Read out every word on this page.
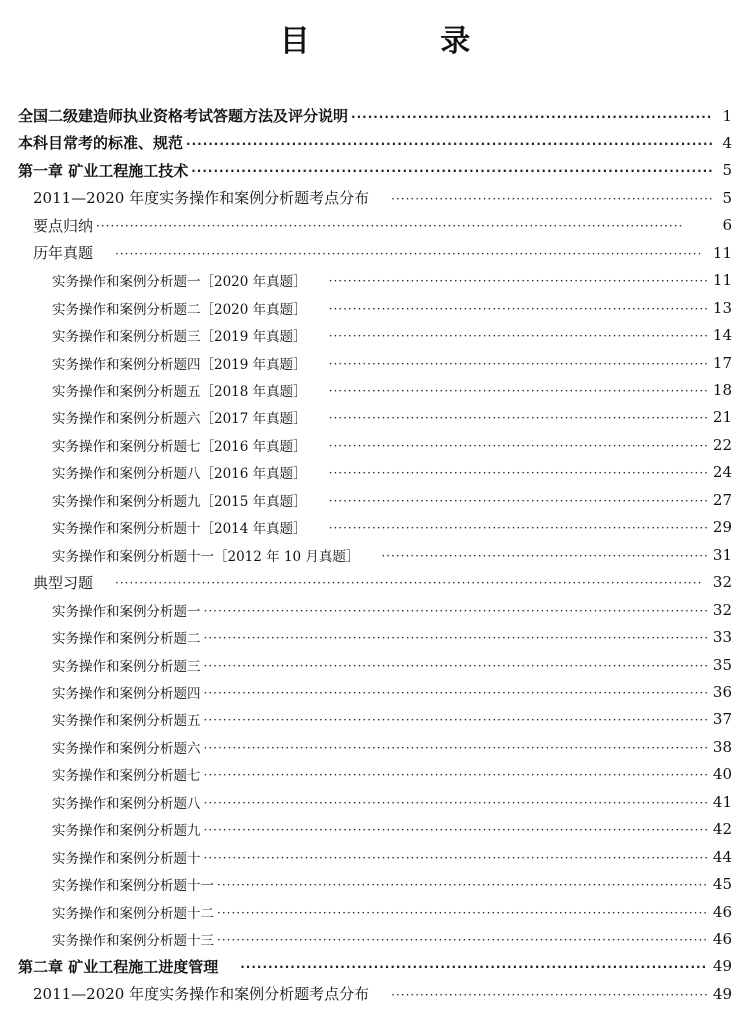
目 录
全国二级建造师执业资格考试答题方法及评分说明 ·····	1
本科目常考的标准、规范 ·····	4
第一章 矿业工程施工技术 ·····	5
2011—2020 年度实务操作和案例分析题考点分布 ·····	5
要点归纳 ·····	6
历年真题 ·····	11
实务操作和案例分析题一［2020 年真题］ ·····	11
实务操作和案例分析题二［2020 年真题］ ·····	13
实务操作和案例分析题三［2019 年真题］ ·····	14
实务操作和案例分析题四［2019 年真题］ ·····	17
实务操作和案例分析题五［2018 年真题］ ·····	18
实务操作和案例分析题六［2017 年真题］ ·····	21
实务操作和案例分析题七［2016 年真题］ ·····	22
实务操作和案例分析题八［2016 年真题］ ·····	24
实务操作和案例分析题九［2015 年真题］ ·····	27
实务操作和案例分析题十［2014 年真题］ ·····	29
实务操作和案例分析题十一［2012 年 10 月真题］ ·····	31
典型习题 ·····	32
实务操作和案例分析题一 ·····	32
实务操作和案例分析题二 ·····	33
实务操作和案例分析题三 ·····	35
实务操作和案例分析题四 ·····	36
实务操作和案例分析题五 ·····	37
实务操作和案例分析题六 ·····	38
实务操作和案例分析题七 ·····	40
实务操作和案例分析题八 ·····	41
实务操作和案例分析题九 ·····	42
实务操作和案例分析题十 ·····	44
实务操作和案例分析题十一 ·····	45
实务操作和案例分析题十二 ·····	46
实务操作和案例分析题十三 ·····	46
第二章 矿业工程施工进度管理 ·····	49
2011—2020 年度实务操作和案例分析题考点分布 ·····	49
